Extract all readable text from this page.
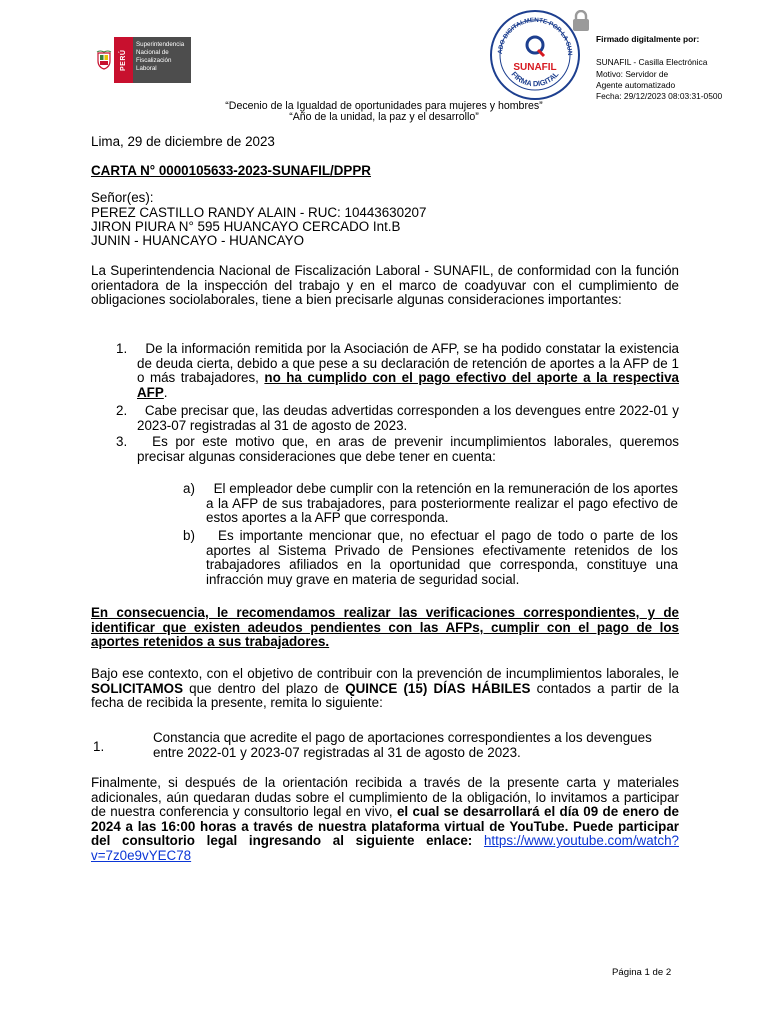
PERÚ
Superintendencia Nacional de Fiscalización Laboral
ADO DIGITALMENTE POR LA SUN
FIRMA DIGITAL
SUNAFIL

Firmado digitalmente por:

SUNAFIL - Casilla Electrónica
Motivo: Servidor de
Agente automatizado
Fecha: 29/12/2023 08:03:31-0500

“Decenio de la Igualdad de oportunidades para mujeres y hombres”
“Año de la unidad, la paz y el desarrollo”
Lima, 29 de diciembre de 2023
CARTA N° 0000105633-2023-SUNAFIL/DPPR
Señor(es):
PEREZ CASTILLO RANDY ALAIN - RUC: 10443630207
JIRON PIURA N° 595 HUANCAYO CERCADO Int.B
JUNIN - HUANCAYO - HUANCAYO
La Superintendencia Nacional de Fiscalización Laboral - SUNAFIL, de conformidad con la función orientadora de la inspección del trabajo y en el marco de coadyuvar con el cumplimiento de obligaciones sociolaborales, tiene a bien precisarle algunas consideraciones importantes:
1.	De la información remitida por la Asociación de AFP, se ha podido constatar la existencia de deuda cierta, debido a que pese a su declaración de retención de aportes a la AFP de 1 o más trabajadores, no ha cumplido con el pago efectivo del aporte a la respectiva AFP.
2.	Cabe precisar que, las deudas advertidas corresponden a los devengues entre 2022-01 y 2023-07 registradas al 31 de agosto de 2023.
3.	Es por este motivo que, en aras de prevenir incumplimientos laborales, queremos precisar algunas consideraciones que debe tener en cuenta:
a)	El empleador debe cumplir con la retención en la remuneración de los aportes a la AFP de sus trabajadores, para posteriormente realizar el pago efectivo de estos aportes a la AFP que corresponda.
b)	Es importante mencionar que, no efectuar el pago de todo o parte de los aportes al Sistema Privado de Pensiones efectivamente retenidos de los trabajadores afiliados en la oportunidad que corresponda, constituye una infracción muy grave en materia de seguridad social.
En consecuencia, le recomendamos realizar las verificaciones correspondientes, y de identificar que existen adeudos pendientes con las AFPs, cumplir con el pago de los aportes retenidos a sus trabajadores.
Bajo ese contexto, con el objetivo de contribuir con la prevención de incumplimientos laborales, le SOLICITAMOS que dentro del plazo de QUINCE (15) DÍAS HÁBILES contados a partir de la fecha de recibida la presente, remita lo siguiente:
1.
Constancia que acredite el pago de aportaciones correspondientes a los devengues entre 2022-01 y 2023-07 registradas al 31 de agosto de 2023.
Finalmente, si después de la orientación recibida a través de la presente carta y materiales adicionales, aún quedaran dudas sobre el cumplimiento de la obligación, lo invitamos a participar de nuestra conferencia y consultorio legal en vivo, el cual se desarrollará el día 09 de enero de 2024 a las 16:00 horas a través de nuestra plataforma virtual de YouTube. Puede participar del consultorio legal ingresando al siguiente enlace: https://www.youtube.com/watch?v=7z0e9vYEC78
Página 1 de 2
